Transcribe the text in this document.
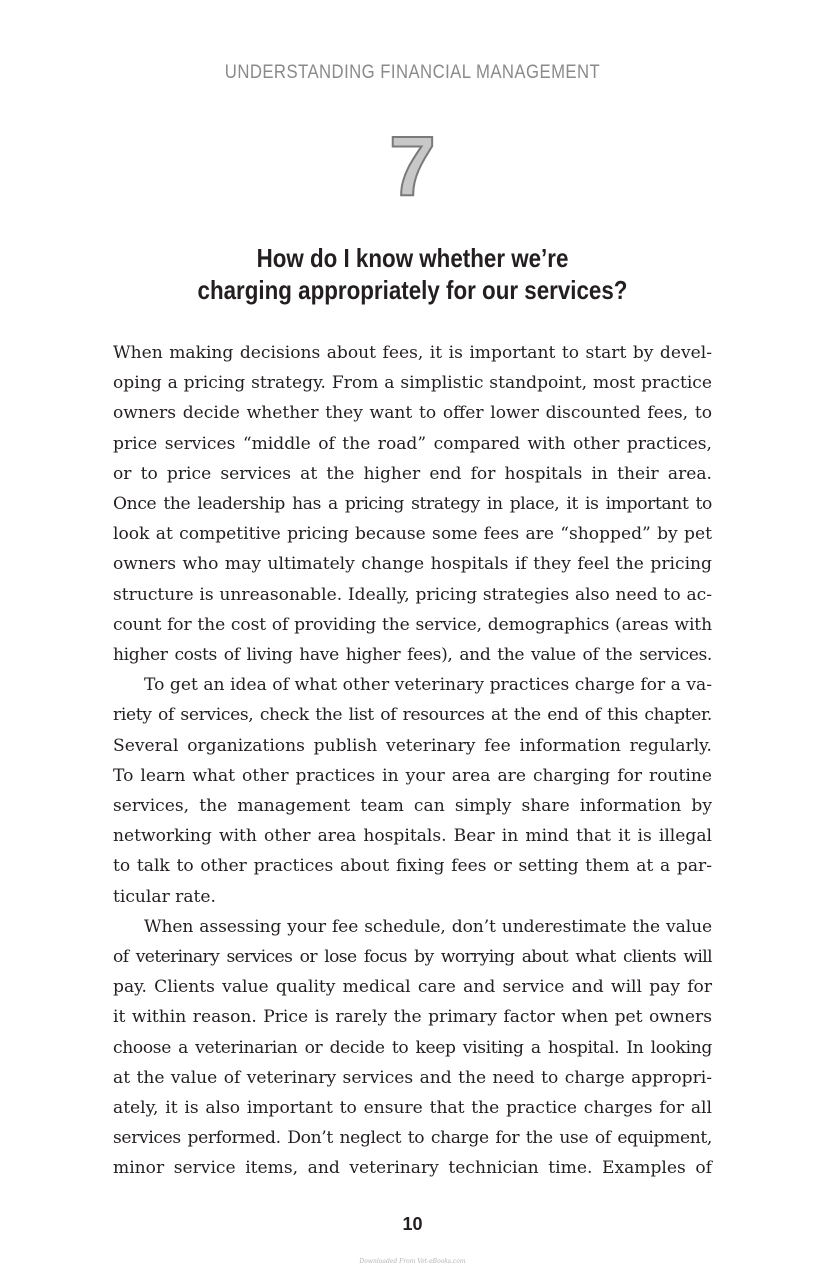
UNDERSTANDING FINANCIAL MANAGEMENT
7
How do I know whether we’re
charging appropriately for our services?
When making decisions about fees, it is important to start by devel-
oping a pricing strategy. From a simplistic standpoint, most practice
owners decide whether they want to offer lower discounted fees, to
price services “middle of the road” compared with other practices,
or to price services at the higher end for hospitals in their area.
Once the leadership has a pricing strategy in place, it is important to
look at competitive pricing because some fees are “shopped” by pet
owners who may ultimately change hospitals if they feel the pricing
structure is unreasonable. Ideally, pricing strategies also need to ac-
count for the cost of providing the service, demographics (areas with
higher costs of living have higher fees), and the value of the services.
To get an idea of what other veterinary practices charge for a va-
riety of services, check the list of resources at the end of this chapter.
Several organizations publish veterinary fee information regularly.
To learn what other practices in your area are charging for routine
services, the management team can simply share information by
networking with other area hospitals. Bear in mind that it is illegal
to talk to other practices about fixing fees or setting them at a par-
ticular rate.
When assessing your fee schedule, don’t underestimate the value
of veterinary services or lose focus by worrying about what clients will
pay. Clients value quality medical care and service and will pay for
it within reason. Price is rarely the primary factor when pet owners
choose a veterinarian or decide to keep visiting a hospital. In looking
at the value of veterinary services and the need to charge appropri-
ately, it is also important to ensure that the practice charges for all
services performed. Don’t neglect to charge for the use of equipment,
minor service items, and veterinary technician time. Examples of
10
Downloaded From Vet-eBooks.com
